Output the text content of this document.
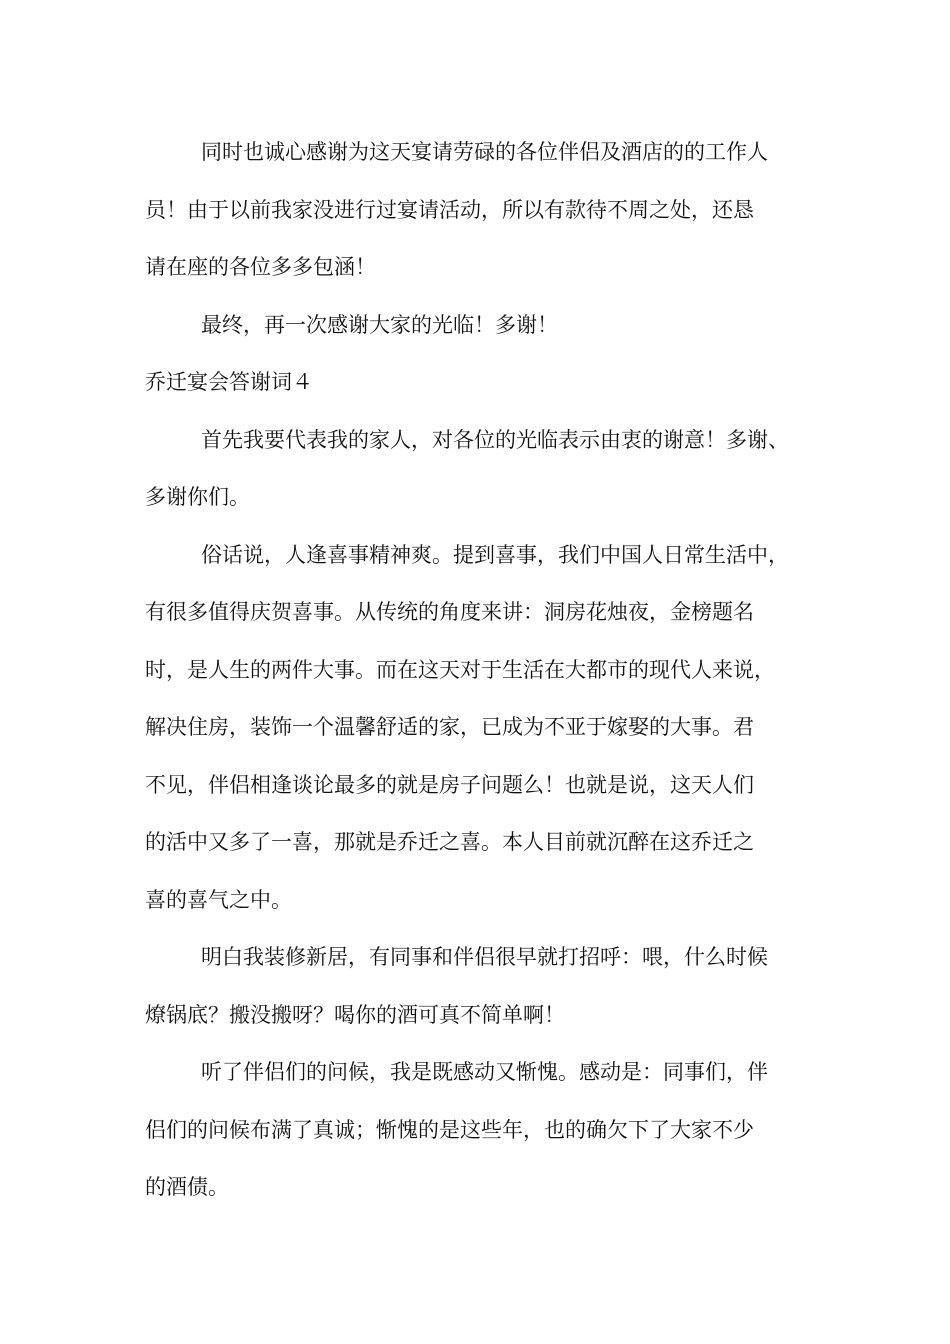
同时也诚心感谢为这天宴请劳碌的各位伴侣及酒店的的工作人
员！由于以前我家没进行过宴请活动，所以有款待不周之处，还恳
请在座的各位多多包涵！
最终，再一次感谢大家的光临！多谢！
乔迁宴会答谢词４
首先我要代表我的家人，对各位的光临表示由衷的谢意！多谢、
多谢你们。
俗话说，人逢喜事精神爽。提到喜事，我们中国人日常生活中，
有很多值得庆贺喜事。从传统的角度来讲：洞房花烛夜，金榜题名
时，是人生的两件大事。而在这天对于生活在大都市的现代人来说，
解决住房，装饰一个温馨舒适的家，已成为不亚于嫁娶的大事。君
不见，伴侣相逢谈论最多的就是房子问题么！也就是说，这天人们
的活中又多了一喜，那就是乔迁之喜。本人目前就沉醉在这乔迁之
喜的喜气之中。
明白我装修新居，有同事和伴侣很早就打招呼：喂，什么时候
燎锅底？搬没搬呀？喝你的酒可真不简单啊！
听了伴侣们的问候，我是既感动又惭愧。感动是：同事们，伴
侣们的问候布满了真诚；惭愧的是这些年，也的确欠下了大家不少
的酒债。
